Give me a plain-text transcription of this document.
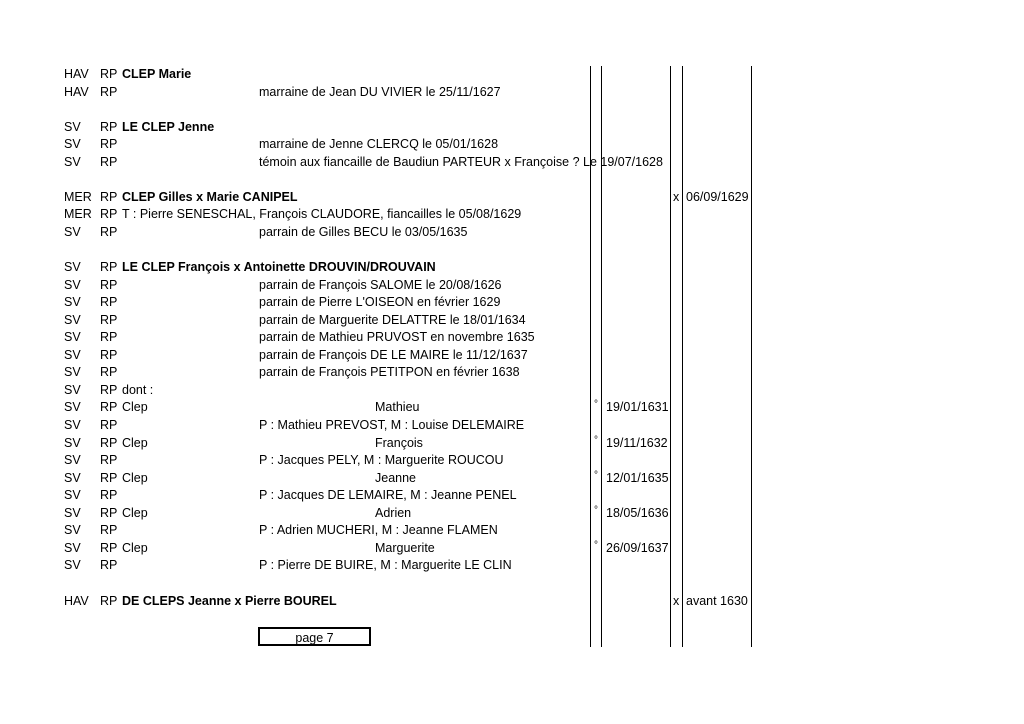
HAV RP CLEP Marie
HAV RP	marraine de Jean DU VIVIER le 25/11/1627
SV RP LE CLEP Jenne
SV RP	marraine de Jenne CLERCQ le 05/01/1628
SV RP	témoin aux fiancaille de Baudiun PARTEUR x Françoise ? Le 19/07/1628
MER RP CLEP Gilles x Marie CANIPEL	x 06/09/1629
MER RP T : Pierre SENESCHAL, François CLAUDORE, fiancailles le 05/08/1629
SV RP	parrain de Gilles BECU le 03/05/1635
SV RP LE CLEP François x Antoinette DROUVIN/DROUVAIN
SV RP	parrain de François SALOME le 20/08/1626
SV RP	parrain de Pierre L'OISEON en février 1629
SV RP	parrain de Marguerite DELATTRE le 18/01/1634
SV RP	parrain de Mathieu PRUVOST en novembre 1635
SV RP	parrain de François DE LE MAIRE le 11/12/1637
SV RP	parrain de François PETITPON en février 1638
SV RP dont :
SV RP Clep	Mathieu	° 19/01/1631
SV RP	P : Mathieu PREVOST, M : Louise DELEMAIRE
SV RP Clep	François	° 19/11/1632
SV RP	P : Jacques PELY, M : Marguerite ROUCOU
SV RP Clep	Jeanne	° 12/01/1635
SV RP	P : Jacques DE LEMAIRE, M : Jeanne PENEL
SV RP Clep	Adrien	° 18/05/1636
SV RP	P : Adrien MUCHERI, M : Jeanne FLAMEN
SV RP Clep	Marguerite	° 26/09/1637
SV RP	P : Pierre DE BUIRE, M : Marguerite LE CLIN
HAV RP DE CLEPS Jeanne x Pierre BOUREL	x avant 1630
page 7
